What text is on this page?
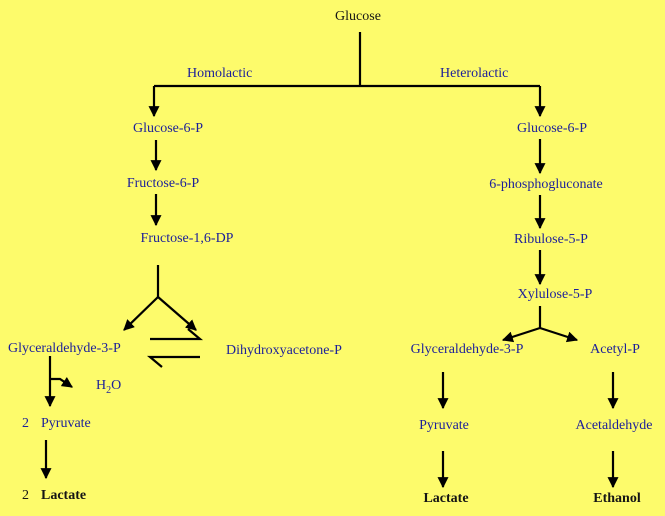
Glucose
Homolactic	Heterolactic
Glucose-6-P
Fructose-6-P
Fructose-1,6-DP
Glyceraldehyde-3-P	Dihydroxyacetone-P
$H_2O$
2 Pyruvate
2 Lactate
Glucose-6-P
6-phosphogluconate
Ribulose-5-P
Xylulose-5-P
Glyceraldehyde-3-P	Acetyl-P
Pyruvate	Acetaldehyde
Lactate	Ethanol
